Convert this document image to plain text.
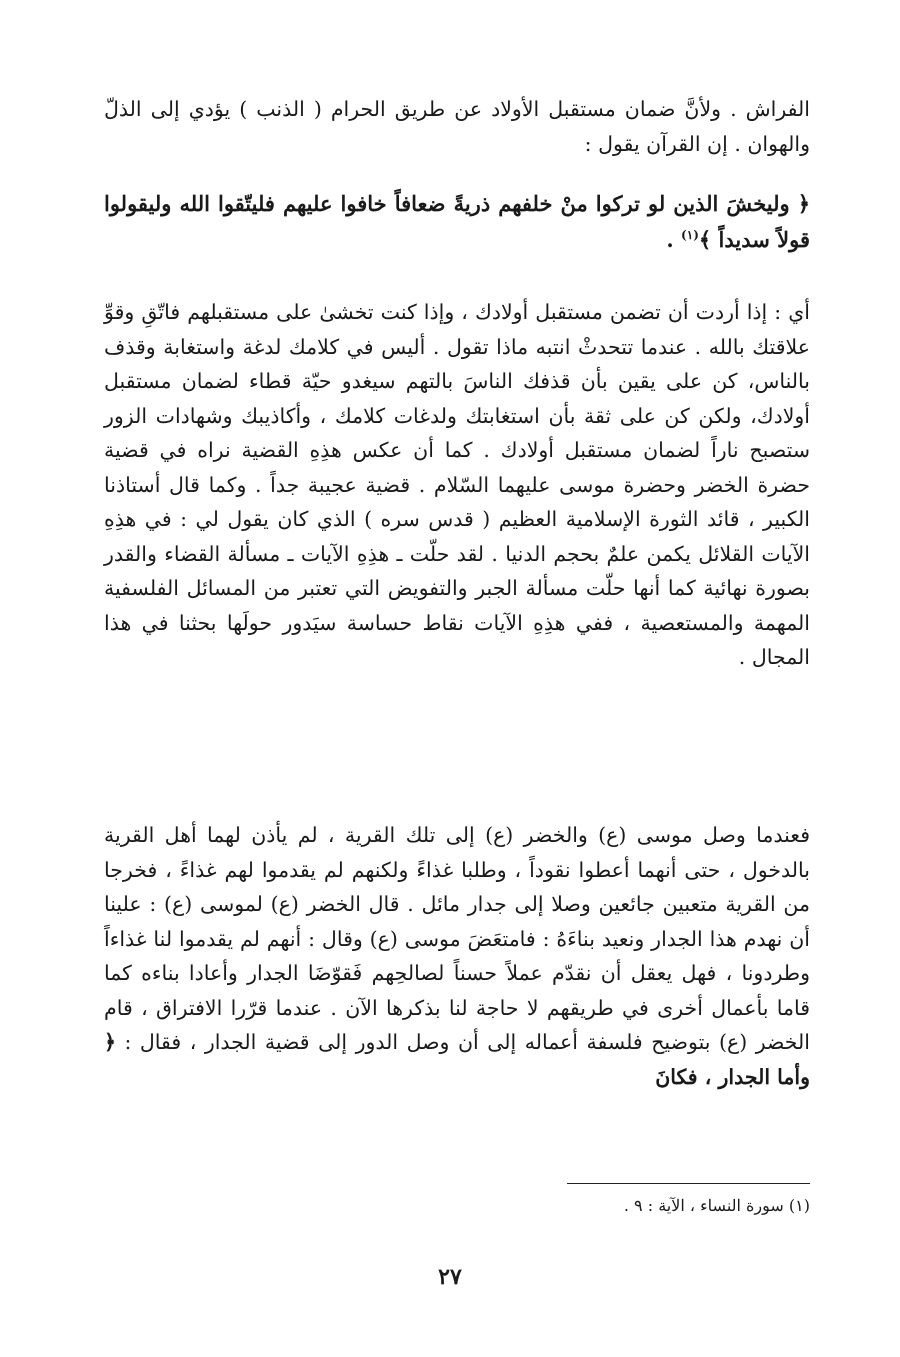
الفراش . ولأنَّ ضمان مستقبل الأولاد عن طريق الحرام ( الذنب ) يؤدي إلى الذلّ والهوان . إن القرآن يقول :

﴿ وليخشَ الذين لو تركوا منْ خلفهم ذريةً ضعافاً خافوا عليهم فليتّقوا الله وليقولوا قولاً سديداً ﴾$^{(١)}$ .

أي : إذا أردت أن تضمن مستقبل أولادك ، وإذا كنت تخشىٰ على مستقبلهم فاتّقِ وقوِّ علاقتك بالله . عندما تتحدثْ انتبه ماذا تقول . أليس في كلامك لدغة واستغابة وقذف بالناس، كن على يقين بأن قذفك الناسَ بالتهم سيغدو حيّة قطاء لضمان مستقبل أولادك، ولكن كن على ثقة بأن استغابتك ولدغات كلامك ، وأكاذيبك وشهادات الزور ستصبح ناراً لضمان مستقبل أولادك . كما أن عكس هذِهِ القضية نراه في قضية حضرة الخضر وحضرة موسى عليهما السّلام . قضية عجيبة جداً . وكما قال أستاذنا الكبير ، قائد الثورة الإسلامية العظيم ( قدس سره ) الذي كان يقول لي : في هذِهِ الآيات القلائل يكمن علمٌ بحجم الدنيا . لقد حلّت ـ هذِهِ الآيات ـ مسألة القضاء والقدر بصورة نهائية كما أنها حلّت مسألة الجبر والتفويض التي تعتبر من المسائل الفلسفية المهمة والمستعصية ، ففي هذِهِ الآيات نقاط حساسة سيَدور حولَها بحثنا في هذا المجال .

فعندما وصل موسى (ع) والخضر (ع) إلى تلك القرية ، لم يأذن لهما أهل القرية بالدخول ، حتى أنهما أعطوا نقوداً ، وطلبا غذاءً ولكنهم لم يقدموا لهم غذاءً ، فخرجا من القرية متعبين جائعين وصلا إلى جدار مائل . قال الخضر (ع) لموسى (ع) : علينا أن نهدم هذا الجدار ونعيد بناءَهُ : فامتعَضَ موسى (ع) وقال : أنهم لم يقدموا لنا غذاءاً وطردونا ، فهل يعقل أن نقدّم عملاً حسناً لصالحِهم فَقوّضَا الجدار وأعادا بناءه كما قاما بأعمال أخرى في طريقهم لا حاجة لنا بذكرها الآن . عندما قرّرا الافتراق ، قام الخضر (ع) بتوضيح فلسفة أعماله إلى أن وصل الدور إلى قضية الجدار ، فقال : ﴿ وأما الجدار ، فكانَ

(١) سورة النساء ، الآية : ٩ .
٢٧
